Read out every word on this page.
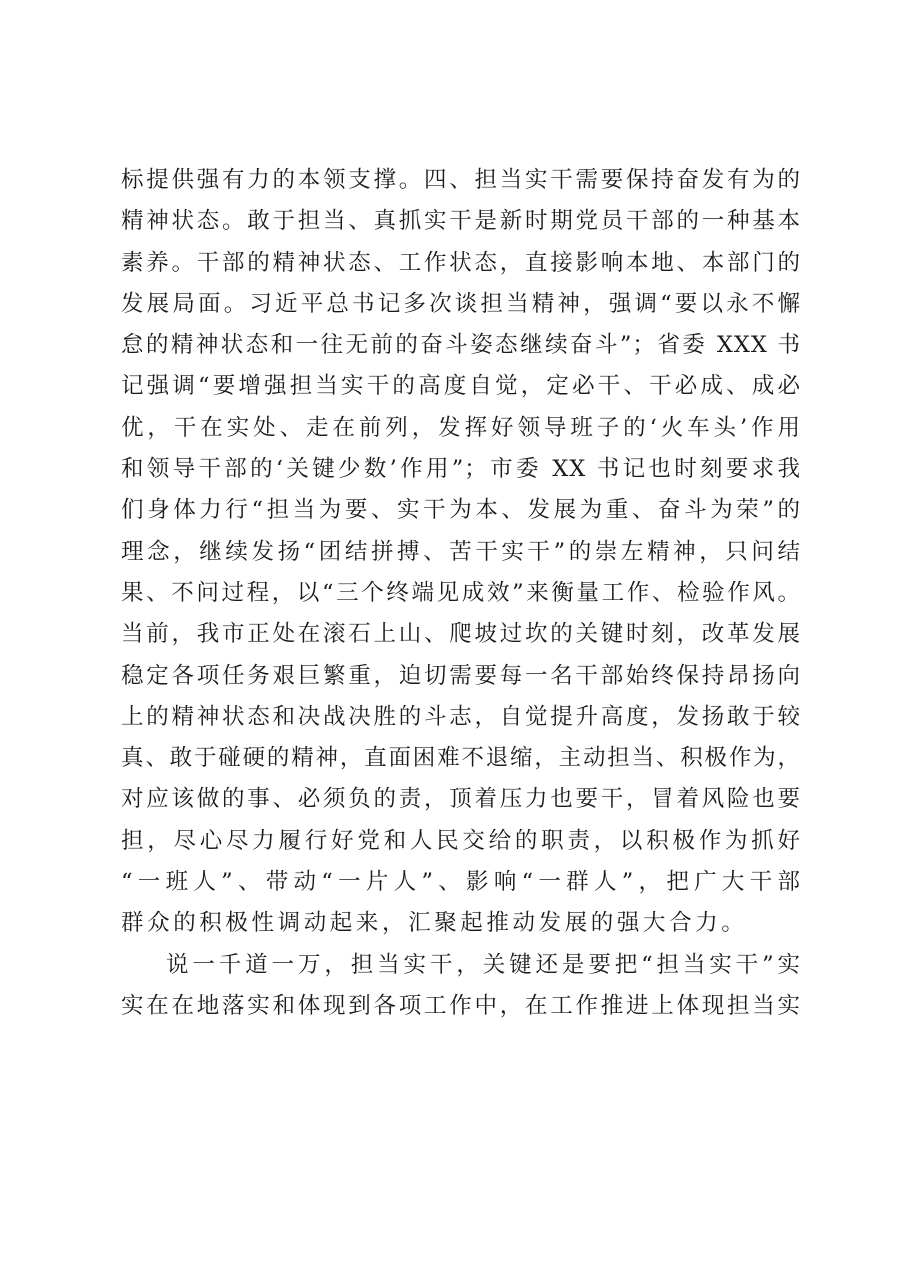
标提供强有力的本领支撑。四、担当实干需要保持奋发有为的
精神状态。敢于担当、真抓实干是新时期党员干部的一种基本
素养。干部的精神状态、工作状态，直接影响本地、本部门的
发展局面。习近平总书记多次谈担当精神，强调“要以永不懈
怠的精神状态和一往无前的奋斗姿态继续奋斗”；省委 XXX 书
记强调“要增强担当实干的高度自觉，定必干、干必成、成必
优，干在实处、走在前列，发挥好领导班子的‘火车头’作用
和领导干部的‘关键少数’作用”；市委 XX 书记也时刻要求我
们身体力行“担当为要、实干为本、发展为重、奋斗为荣”的
理念，继续发扬“团结拼搏、苦干实干”的崇左精神，只问结
果、不问过程，以“三个终端见成效”来衡量工作、检验作风。
当前，我市正处在滚石上山、爬坡过坎的关键时刻，改革发展
稳定各项任务艰巨繁重，迫切需要每一名干部始终保持昂扬向
上的精神状态和决战决胜的斗志，自觉提升高度，发扬敢于较
真、敢于碰硬的精神，直面困难不退缩，主动担当、积极作为，
对应该做的事、必须负的责，顶着压力也要干，冒着风险也要
担，尽心尽力履行好党和人民交给的职责，以积极作为抓好
“一班人”、带动“一片人”、影响“一群人”，把广大干部
群众的积极性调动起来，汇聚起推动发展的强大合力。
说一千道一万，担当实干，关键还是要把“担当实干”实
实在在地落实和体现到各项工作中，在工作推进上体现担当实
